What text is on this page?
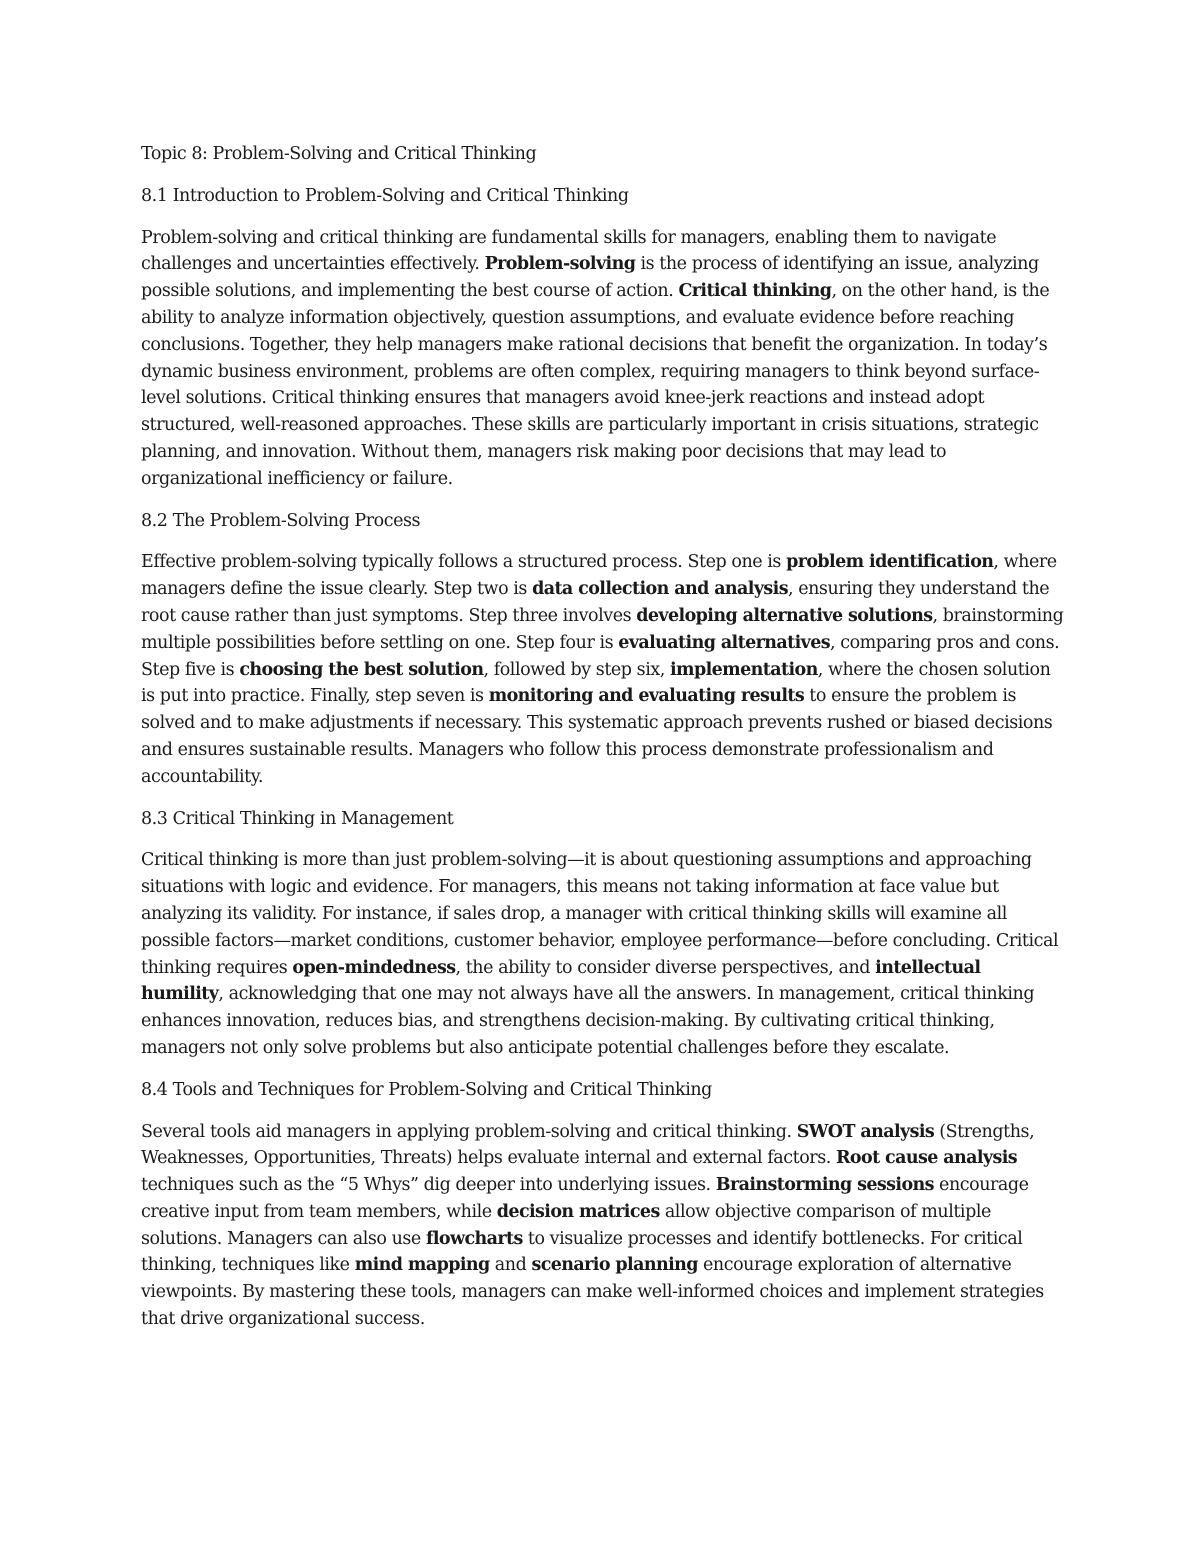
Topic 8: Problem-Solving and Critical Thinking

8.1 Introduction to Problem-Solving and Critical Thinking

Problem-solving and critical thinking are fundamental skills for managers, enabling them to navigate challenges and uncertainties effectively. Problem-solving is the process of identifying an issue, analyzing possible solutions, and implementing the best course of action. Critical thinking, on the other hand, is the ability to analyze information objectively, question assumptions, and evaluate evidence before reaching conclusions. Together, they help managers make rational decisions that benefit the organization. In today’s dynamic business environment, problems are often complex, requiring managers to think beyond surface-level solutions. Critical thinking ensures that managers avoid knee-jerk reactions and instead adopt structured, well-reasoned approaches. These skills are particularly important in crisis situations, strategic planning, and innovation. Without them, managers risk making poor decisions that may lead to organizational inefficiency or failure.

8.2 The Problem-Solving Process

Effective problem-solving typically follows a structured process. Step one is problem identification, where managers define the issue clearly. Step two is data collection and analysis, ensuring they understand the root cause rather than just symptoms. Step three involves developing alternative solutions, brainstorming multiple possibilities before settling on one. Step four is evaluating alternatives, comparing pros and cons. Step five is choosing the best solution, followed by step six, implementation, where the chosen solution is put into practice. Finally, step seven is monitoring and evaluating results to ensure the problem is solved and to make adjustments if necessary. This systematic approach prevents rushed or biased decisions and ensures sustainable results. Managers who follow this process demonstrate professionalism and accountability.

8.3 Critical Thinking in Management

Critical thinking is more than just problem-solving—it is about questioning assumptions and approaching situations with logic and evidence. For managers, this means not taking information at face value but analyzing its validity. For instance, if sales drop, a manager with critical thinking skills will examine all possible factors—market conditions, customer behavior, employee performance—before concluding. Critical thinking requires open-mindedness, the ability to consider diverse perspectives, and intellectual humility, acknowledging that one may not always have all the answers. In management, critical thinking enhances innovation, reduces bias, and strengthens decision-making. By cultivating critical thinking, managers not only solve problems but also anticipate potential challenges before they escalate.

8.4 Tools and Techniques for Problem-Solving and Critical Thinking

Several tools aid managers in applying problem-solving and critical thinking. SWOT analysis (Strengths, Weaknesses, Opportunities, Threats) helps evaluate internal and external factors. Root cause analysis techniques such as the “5 Whys” dig deeper into underlying issues. Brainstorming sessions encourage creative input from team members, while decision matrices allow objective comparison of multiple solutions. Managers can also use flowcharts to visualize processes and identify bottlenecks. For critical thinking, techniques like mind mapping and scenario planning encourage exploration of alternative viewpoints. By mastering these tools, managers can make well-informed choices and implement strategies that drive organizational success.
